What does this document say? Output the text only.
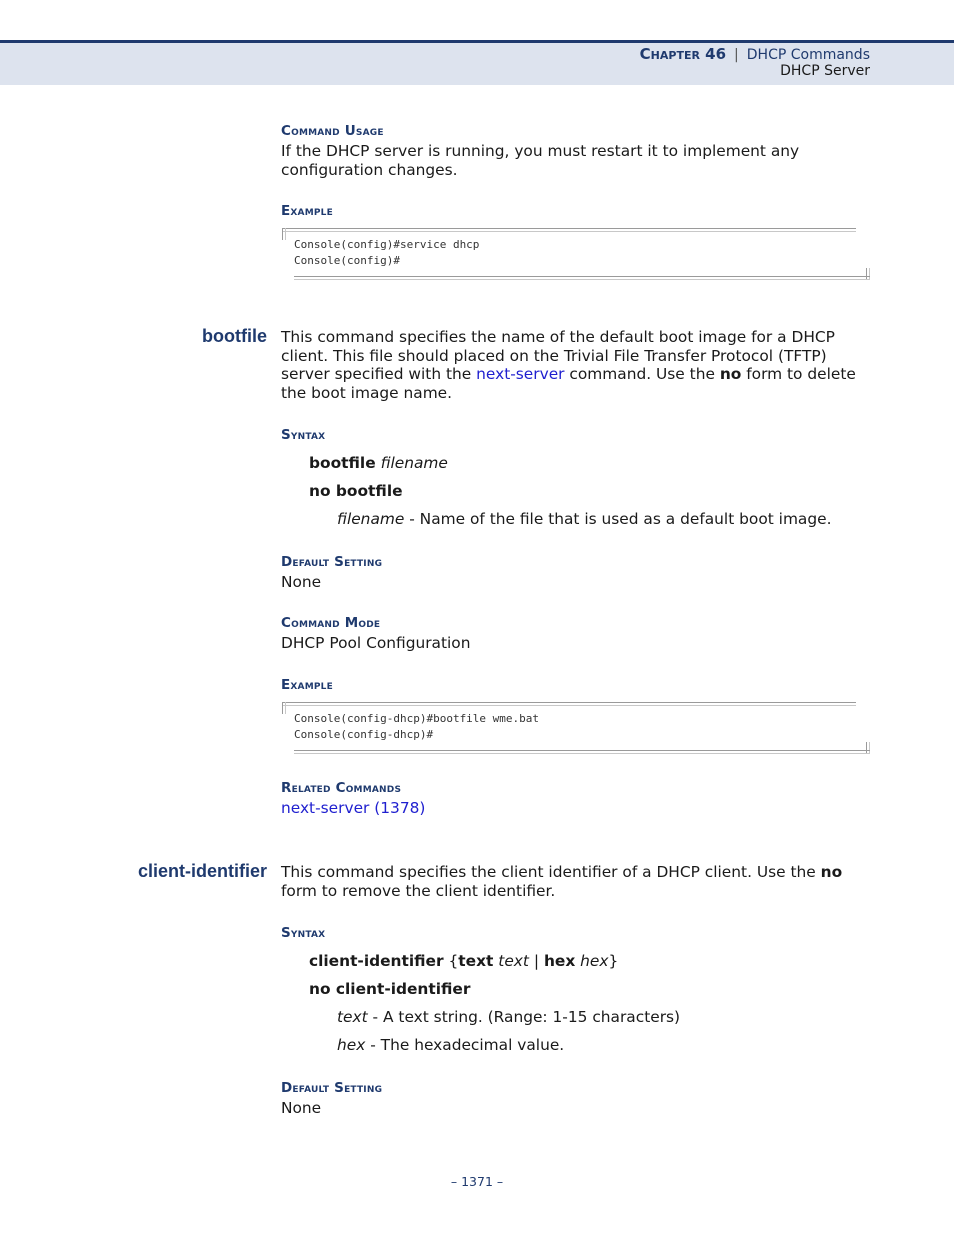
Chapter 46 | DHCP Commands
DHCP Server
Command Usage
If the DHCP server is running, you must restart it to implement any configuration changes.
Example
Console(config)#service dhcp
Console(config)#
bootfile This command specifies the name of the default boot image for a DHCP client. This file should placed on the Trivial File Transfer Protocol (TFTP) server specified with the next-server command. Use the no form to delete the boot image name.
Syntax
bootfile filename
no bootfile
filename - Name of the file that is used as a default boot image.
Default Setting
None
Command Mode
DHCP Pool Configuration
Example
Console(config-dhcp)#bootfile wme.bat
Console(config-dhcp)#
Related Commands
next-server (1378)
client-identifier This command specifies the client identifier of a DHCP client. Use the no form to remove the client identifier.
Syntax
client-identifier {text text | hex hex}
no client-identifier
text - A text string. (Range: 1-15 characters)
hex - The hexadecimal value.
Default Setting
None
– 1371 –
